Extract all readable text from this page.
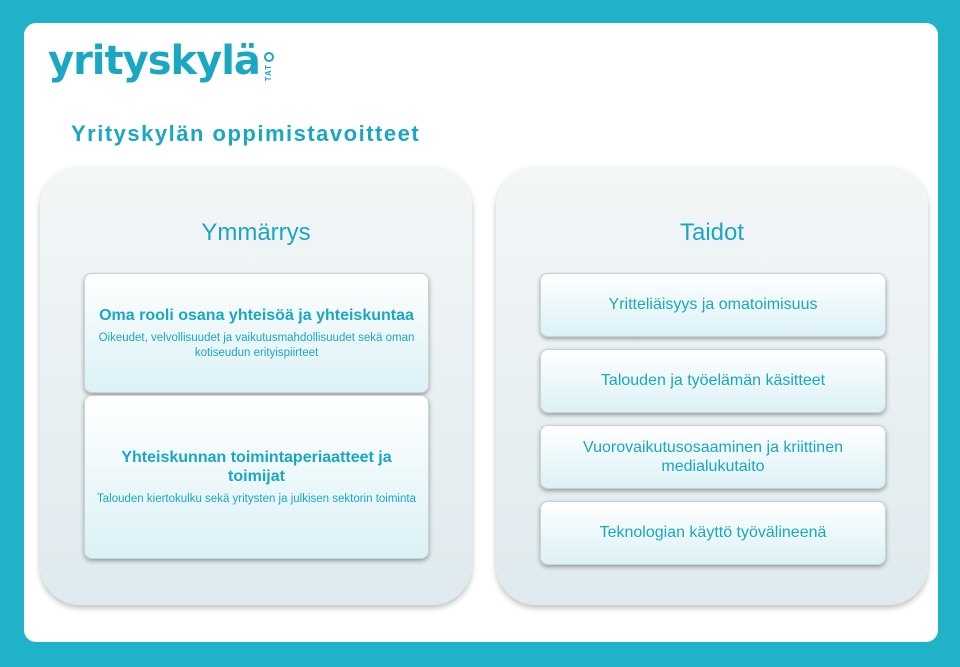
yrityskylä TAT
Yrityskylän oppimistavoitteet
Ymmärrys
Oma rooli osana yhteisöä ja yhteiskuntaa
Oikeudet, velvollisuudet ja vaikutusmahdollisuudet sekä oman kotiseudun erityispiirteet
Yhteiskunnan toimintaperiaatteet ja toimijat
Talouden kiertokulku sekä yritysten ja julkisen sektorin toiminta
Taidot
Yritteliäisyys ja omatoimisuus
Talouden ja työelämän käsitteet
Vuorovaikutusosaaminen ja kriittinen medialukutaito
Teknologian käyttö työvälineenä
